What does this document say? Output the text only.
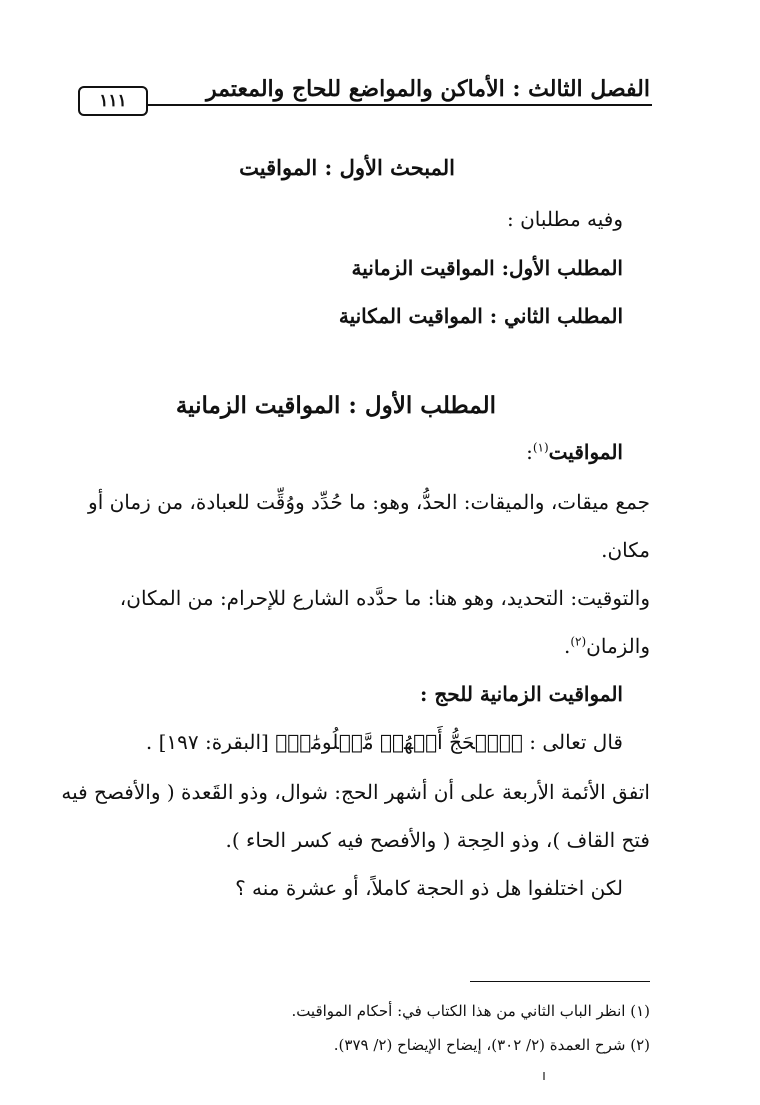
الفصل الثالث : الأماكن والمواضع للحاج والمعتمر
١١١
المبحث الأول : المواقيت
وفيه مطلبان :
المطلب الأول: المواقيت الزمانية
المطلب الثاني : المواقيت المكانية
المطلب الأول : المواقيت الزمانية
المواقيت$^{(١)}$:
جمع ميقات، والميقات: الحدُّ، وهو: ما حُدِّد ووُقِّت للعبادة، من زمان أو
مكان.
والتوقيت: التحديد، وهو هنا: ما حدَّده الشارع للإحرام: من المكان،
والزمان$^{(٢)}$.
المواقيت الزمانية للحج :
قال تعالى : ﴿ٱلۡحَجُّ أَشۡهُرٞ مَّعۡلُومَٰتٞ﴾ [البقرة: ١٩٧] .
اتفق الأئمة الأربعة على أن أشهر الحج: شوال، وذو القَعدة ( والأفصح فيه
فتح القاف )، وذو الحِجة ( والأفصح فيه كسر الحاء ).
لكن اختلفوا هل ذو الحجة كاملاً، أو عشرة منه ؟
(١) انظر الباب الثاني من هذا الكتاب في: أحكام المواقيت.
(٢) شرح العمدة (٢/ ٣٠٢)، إيضاح الإيضاح (٢/ ٣٧٩).
